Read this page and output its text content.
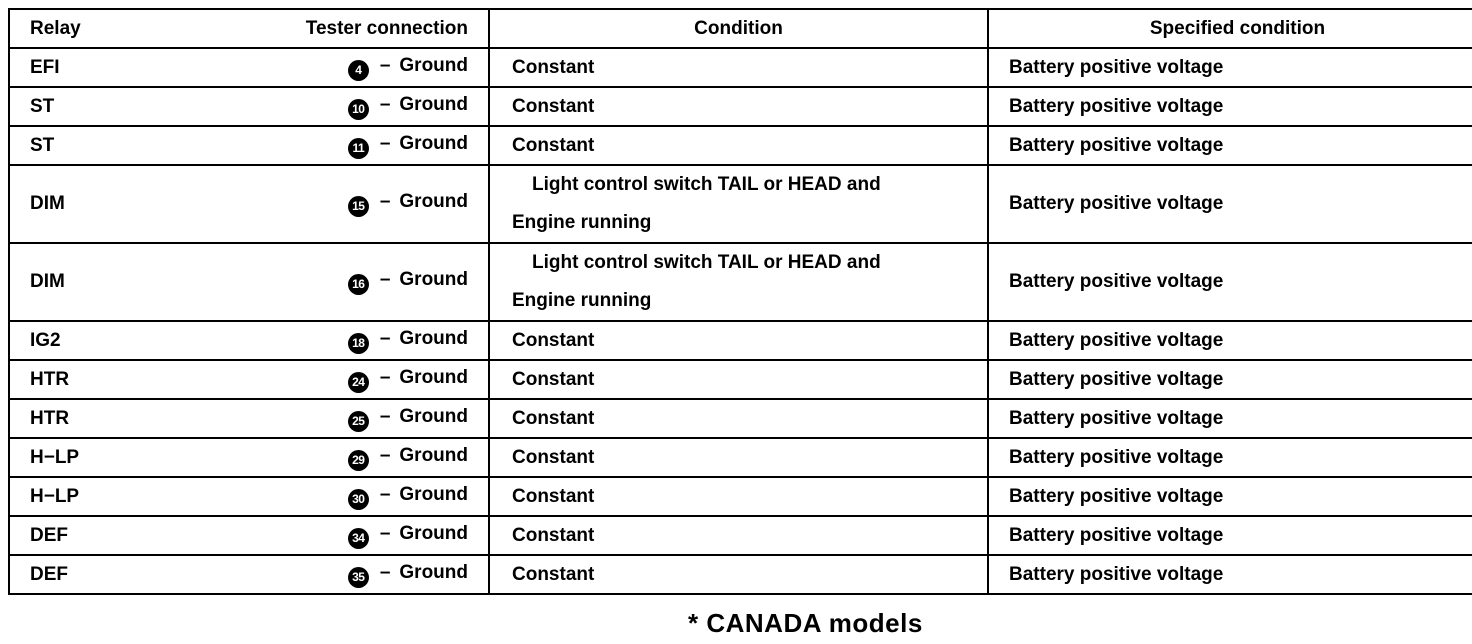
Relay Tester connection	Condition	Specified condition

EFI 4 – Ground	Constant	Battery positive voltage

ST 10 – Ground	Constant	Battery positive voltage

ST 11 – Ground	Constant	Battery positive voltage

DIM 15 – Ground	Light control switch TAIL or HEAD and
Engine running	Battery positive voltage

DIM 16 – Ground	Light control switch TAIL or HEAD and
Engine running	Battery positive voltage

IG2 18 – Ground	Constant	Battery positive voltage

HTR 24 – Ground	Constant	Battery positive voltage

HTR 25 – Ground	Constant	Battery positive voltage

H−LP 29 – Ground	Constant	Battery positive voltage

H−LP 30 – Ground	Constant	Battery positive voltage

DEF 34 – Ground	Constant	Battery positive voltage

DEF 35 – Ground	Constant	Battery positive voltage
* CANADA models
